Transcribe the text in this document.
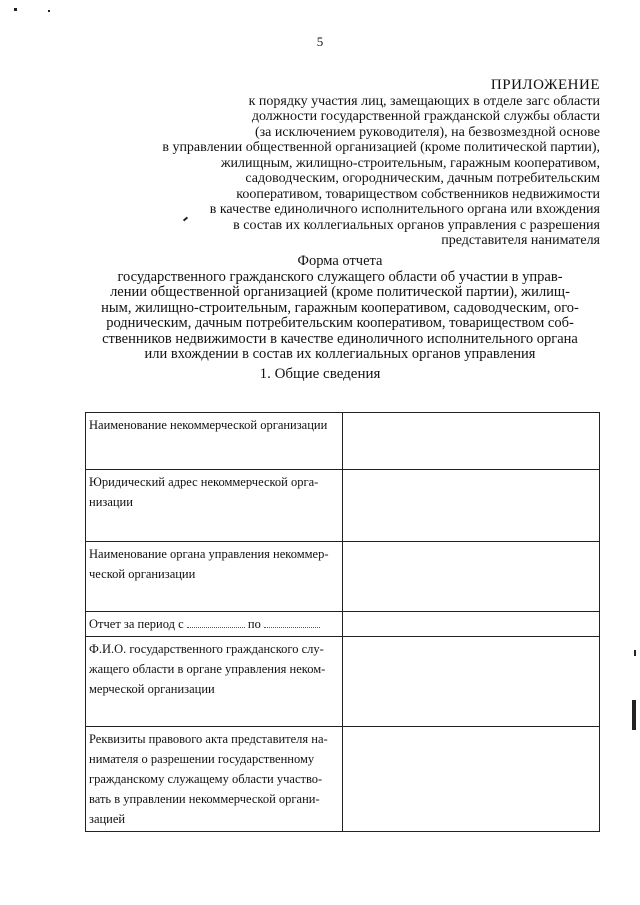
5
ПРИЛОЖЕНИЕ
к порядку участия лиц, замещающих в отделе загс области
должности государственной гражданской службы области
(за исключением руководителя), на безвозмездной основе
в управлении общественной организацией (кроме политической партии),
жилищным, жилищно-строительным, гаражным кооперативом,
садоводческим, огородническим, дачным потребительским
кооперативом, товариществом собственников недвижимости
в качестве единоличного исполнительного органа или вхождения
в состав их коллегиальных органов управления с разрешения
представителя нанимателя
Форма отчета
государственного гражданского служащего области об участии в управ-
лении общественной организацией (кроме политической партии), жилищ-
ным, жилищно-строительным, гаражным кооперативом, садоводческим, ого-
родническим, дачным потребительским кооперативом, товариществом соб-
ственников недвижимости в качестве единоличного исполнительного органа
или вхождении в состав их коллегиальных органов управления
1. Общие сведения
Наименование некоммерческой организации	
Юридический адрес некоммерческой орга-
низации	
Наименование органа управления некоммер-
ческой организации	
Отчет за период с по	
Ф.И.О. государственного гражданского слу-
жащего области в органе управления неком-
мерческой организации	
Реквизиты правового акта представителя на-
нимателя о разрешении государственному
гражданскому служащему области участво-
вать в управлении некоммерческой органи-
зацией	
